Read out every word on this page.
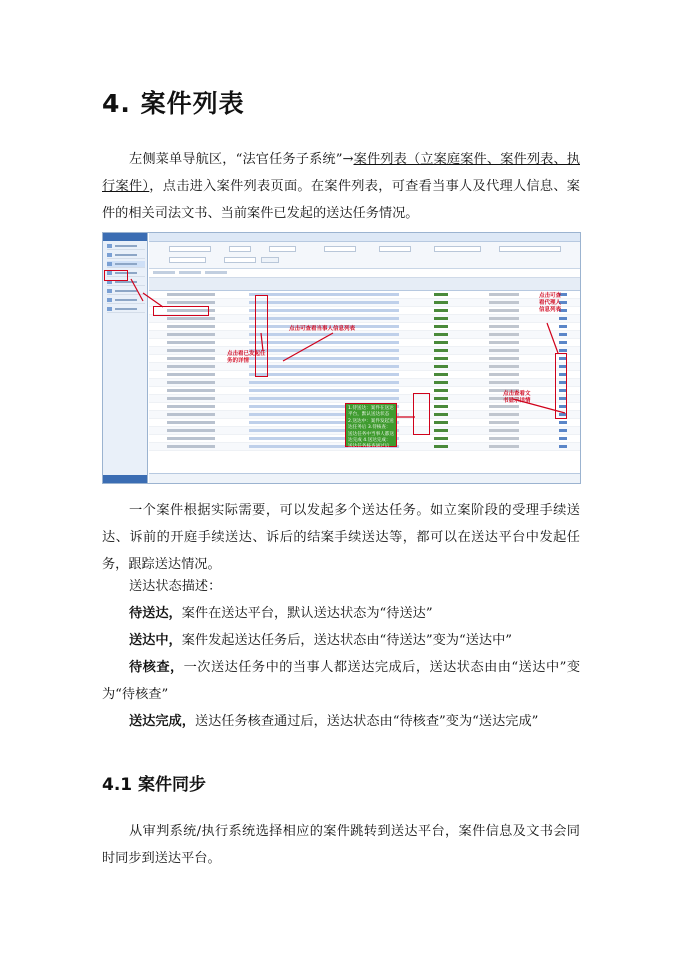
4. 案件列表

左侧菜单导航区，“法官任务子系统”→案件列表（立案庭案件、案件列表、执行案件），点击进入案件列表页面。在案件列表，可查看当事人及代理人信息、案件的相关司法文书、当前案件已发起的送达任务情况。

点击可查看当事人信息列表
点击看已发起任务的详情
点击可查看代理人信息列表
点击查看文书显示详情
1.待送达：案件在送达平台，默认送达状态 2.送达中：案件发起送达任务后 3.待核查：送达任务中当事人都送达完成 4.送达完成：送达任务核查通过后

一个案件根据实际需要，可以发起多个送达任务。如立案阶段的受理手续送达、诉前的开庭手续送达、诉后的结案手续送达等，都可以在送达平台中发起任务，跟踪送达情况。

送达状态描述：

待送达，案件在送达平台，默认送达状态为“待送达”

送达中，案件发起送达任务后，送达状态由“待送达”变为“送达中”

待核查，一次送达任务中的当事人都送达完成后，送达状态由由“送达中”变为“待核查”

送达完成，送达任务核查通过后，送达状态由“待核查”变为“送达完成”

4.1 案件同步

从审判系统/执行系统选择相应的案件跳转到送达平台，案件信息及文书会同时同步到送达平台。
